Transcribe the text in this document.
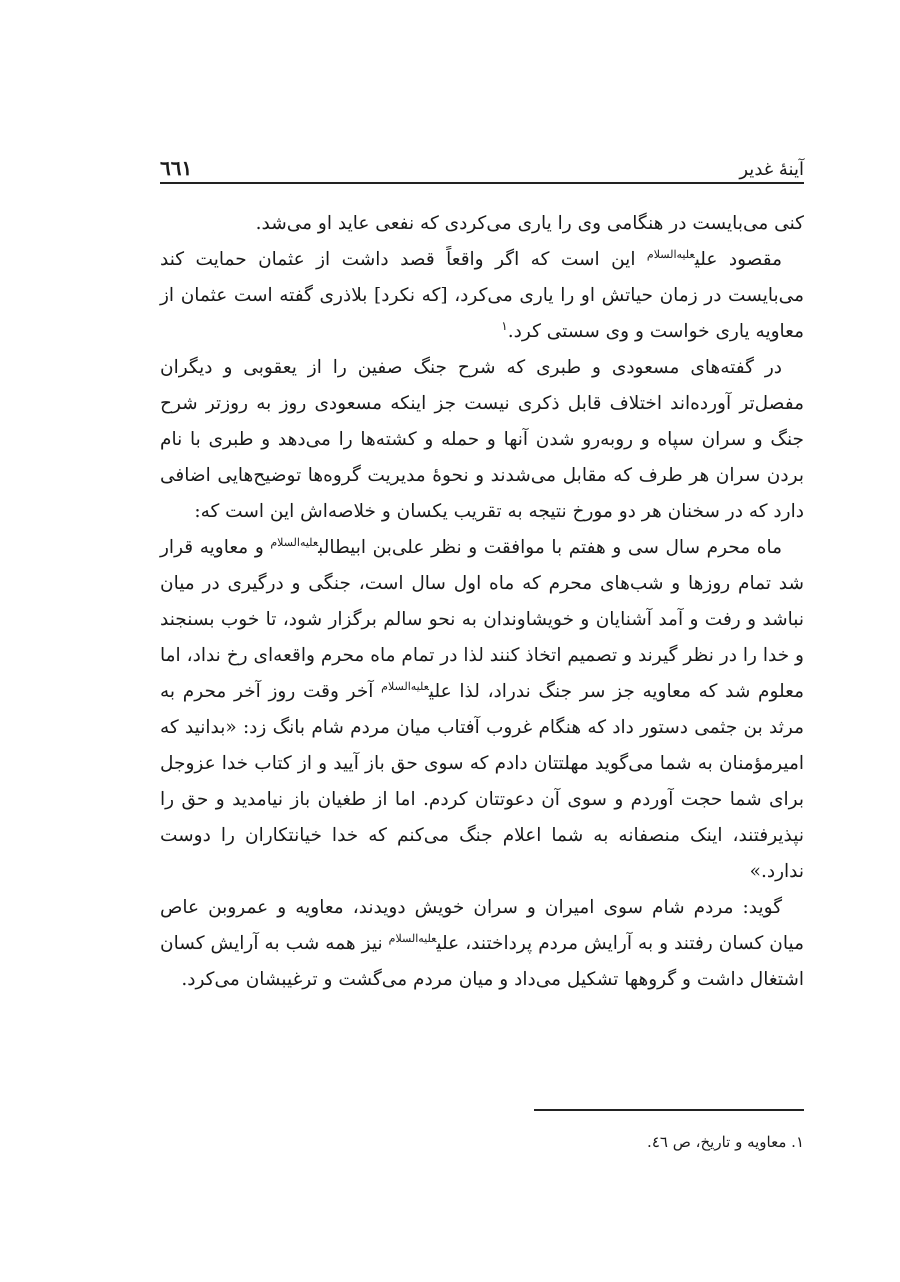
آینهٔ غدیر
٦٦١

کنی می‌بایست در هنگامی وی را یاری می‌کردی که نفعی عاید او می‌شد.

مقصود علی$^{عليه‌السلام}$ این است که اگر واقعاً قصد داشت از عثمان حمایت کند می‌بایست در زمان حیاتش او را یاری می‌کرد، [که نکرد] بلاذری گفته است عثمان از معاویه یاری خواست و وی سستی کرد.$^١$

در گفته‌های مسعودی و طبری که شرح جنگ صفین را از یعقوبی و دیگران مفصل‌تر آورده‌اند اختلاف قابل ذکری نیست جز اینکه مسعودی روز به روزتر شرح جنگ و سران سپاه و روبه‌رو شدن آنها و حمله و کشته‌ها را می‌دهد و طبری با نام بردن سران هر طرف که مقابل می‌شدند و نحوهٔ مدیریت گروه‌ها توضیح‌هایی اضافی دارد که در سخنان هر دو مورخ نتیجه به تقریب یکسان و خلاصه‌اش این است که:

ماه محرم سال سی و هفتم با موافقت و نظر علی‌بن ابیطالب$^{عليه‌السلام}$ و معاویه قرار شد تمام روزها و شب‌های محرم که ماه اول سال است، جنگی و درگیری در میان نباشد و رفت و آمد آشنایان و خویشاوندان به نحو سالم برگزار شود، تا خوب بسنجند و خدا را در نظر گیرند و تصمیم اتخاذ کنند لذا در تمام ماه محرم واقعه‌ای رخ نداد، اما معلوم شد که معاویه جز سر جنگ ندراد، لذا علی$^{عليه‌السلام}$ آخر وقت روز آخر محرم به مرثد بن جثمی دستور داد که هنگام غروب آفتاب میان مردم شام بانگ زد: «بدانید که امیرمؤمنان به شما می‌گوید مهلتتان دادم که سوی حق باز آیید و از کتاب خدا عزوجل برای شما حجت آوردم و سوی آن دعوتتان کردم. اما از طغیان باز نیامدید و حق را نپذیرفتند، اینک منصفانه به شما اعلام جنگ می‌کنم که خدا خیانتکاران را دوست ندارد.»

گوید: مردم شام سوی امیران و سران خویش دویدند، معاویه و عمروبن عاص میان کسان رفتند و به آرایش مردم پرداختند، علی$^{عليه‌السلام}$ نیز همه شب به آرایش کسان اشتغال داشت و گروهها تشکیل می‌داد و میان مردم می‌گشت و ترغیبشان می‌کرد.

١. معاویه و تاریخ، ص ٤٦.
